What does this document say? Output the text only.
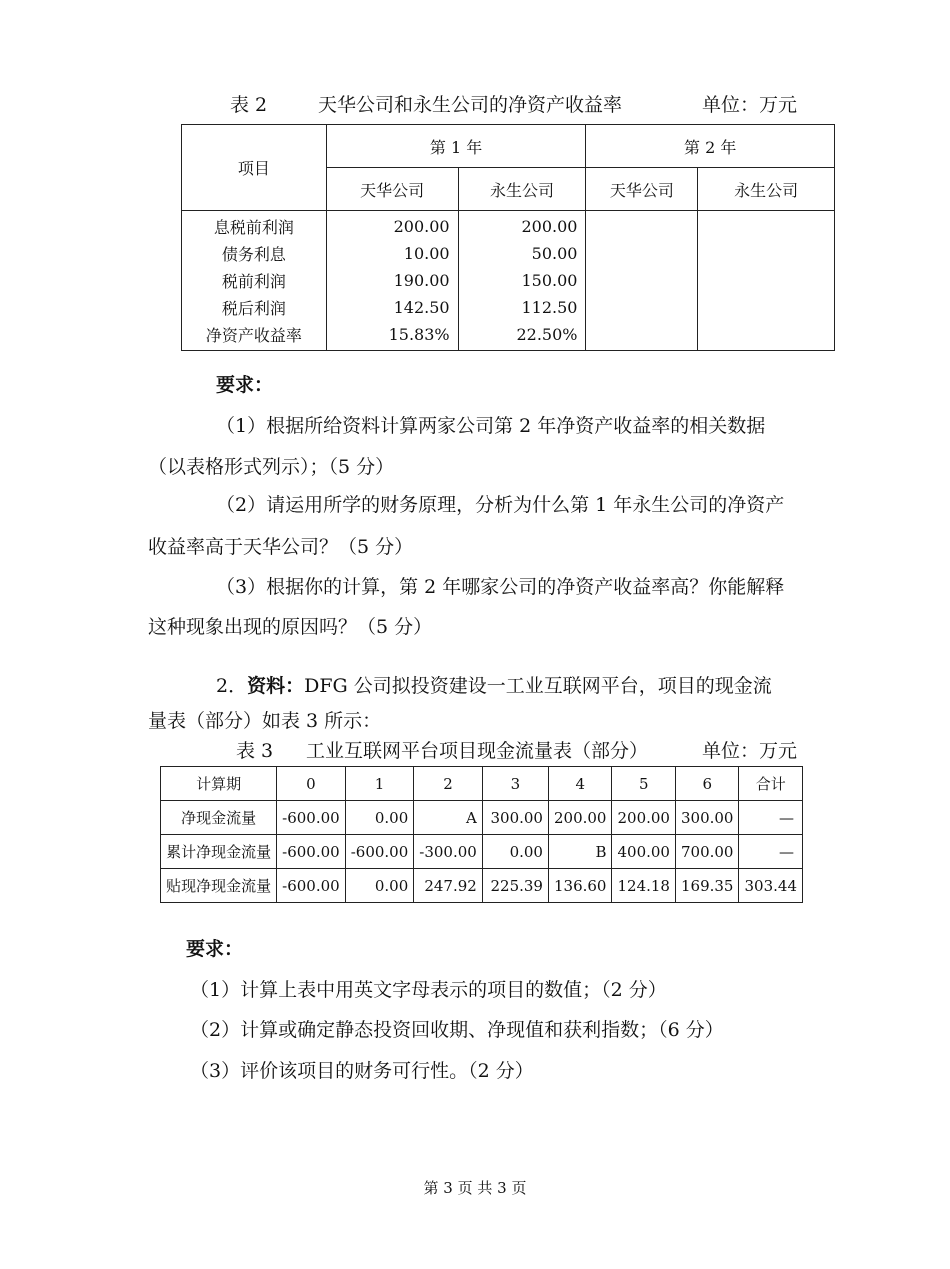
表 2	天华公司和永生公司的净资产收益率	单位：万元
项目	第 1 年		第 2 年	
	天华公司	永生公司	天华公司	永生公司
息税前利润	200.00	200.00		
债务利息	10.00	50.00		
税前利润	190.00	150.00		
税后利润	142.50	112.50		
净资产收益率	15.83%	22.50%		
要求：
（1）根据所给资料计算两家公司第 2 年净资产收益率的相关数据
（以表格形式列示）；（5 分）
（2）请运用所学的财务原理，分析为什么第 1 年永生公司的净资产
收益率高于天华公司？（5 分）
（3）根据你的计算，第 2 年哪家公司的净资产收益率高？你能解释
这种现象出现的原因吗？（5 分）
2．资料：DFG 公司拟投资建设一工业互联网平台，项目的现金流
量表（部分）如表 3 所示：
表 3 工业互联网平台项目现金流量表（部分）	单位：万元
计算期	0	1	2	3	4	5	6	合计
净现金流量	-600.00	0.00	A	300.00	200.00	200.00	300.00	—
累计净现金流量	-600.00	-600.00	-300.00	0.00	B	400.00	700.00	—
贴现净现金流量	-600.00	0.00	247.92	225.39	136.60	124.18	169.35	303.44
要求：
（1）计算上表中用英文字母表示的项目的数值；（2 分）
（2）计算或确定静态投资回收期、净现值和获利指数；（6 分）
（3）评价该项目的财务可行性。（2 分）
第 3 页 共 3 页
